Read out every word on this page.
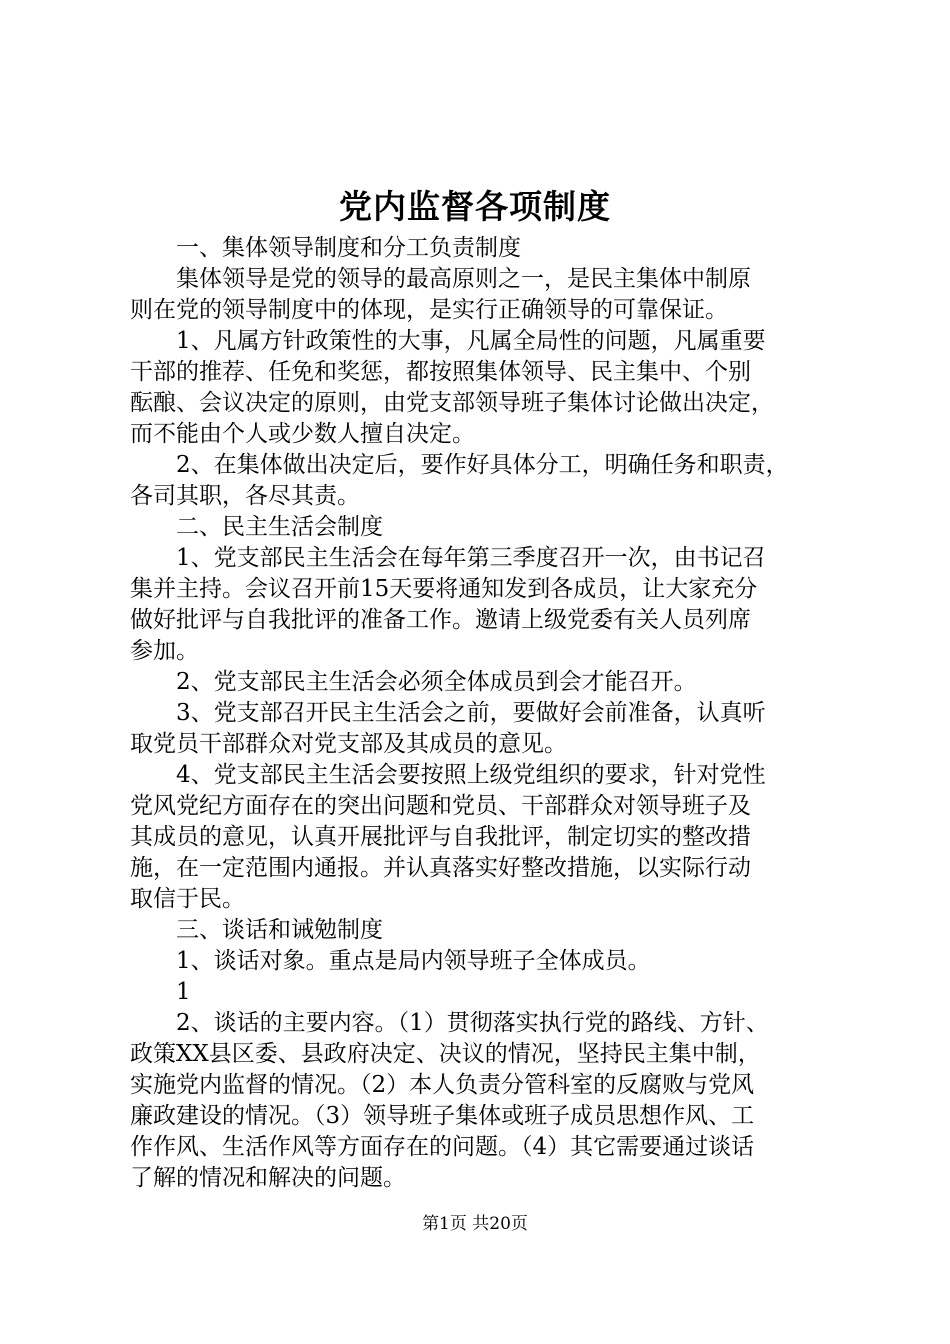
党内监督各项制度
一、集体领导制度和分工负责制度
集体领导是党的领导的最高原则之一，是民主集体中制原
则在党的领导制度中的体现，是实行正确领导的可靠保证。
1、凡属方针政策性的大事，凡属全局性的问题，凡属重要
干部的推荐、任免和奖惩，都按照集体领导、民主集中、个别
酝酿、会议决定的原则，由党支部领导班子集体讨论做出决定，
而不能由个人或少数人擅自决定。
2、在集体做出决定后，要作好具体分工，明确任务和职责，
各司其职，各尽其责。
二、民主生活会制度
1、党支部民主生活会在每年第三季度召开一次，由书记召
集并主持。会议召开前15天要将通知发到各成员，让大家充分
做好批评与自我批评的准备工作。邀请上级党委有关人员列席
参加。
2、党支部民主生活会必须全体成员到会才能召开。
3、党支部召开民主生活会之前，要做好会前准备，认真听
取党员干部群众对党支部及其成员的意见。
4、党支部民主生活会要按照上级党组织的要求，针对党性
党风党纪方面存在的突出问题和党员、干部群众对领导班子及
其成员的意见，认真开展批评与自我批评，制定切实的整改措
施，在一定范围内通报。并认真落实好整改措施，以实际行动
取信于民。
三、谈话和诫勉制度
1、谈话对象。重点是局内领导班子全体成员。
1
2、谈话的主要内容。（1）贯彻落实执行党的路线、方针、
政策XX县区委、县政府决定、决议的情况，坚持民主集中制，
实施党内监督的情况。（2）本人负责分管科室的反腐败与党风
廉政建设的情况。（3）领导班子集体或班子成员思想作风、工
作作风、生活作风等方面存在的问题。（4）其它需要通过谈话
了解的情况和解决的问题。
第1页 共20页
